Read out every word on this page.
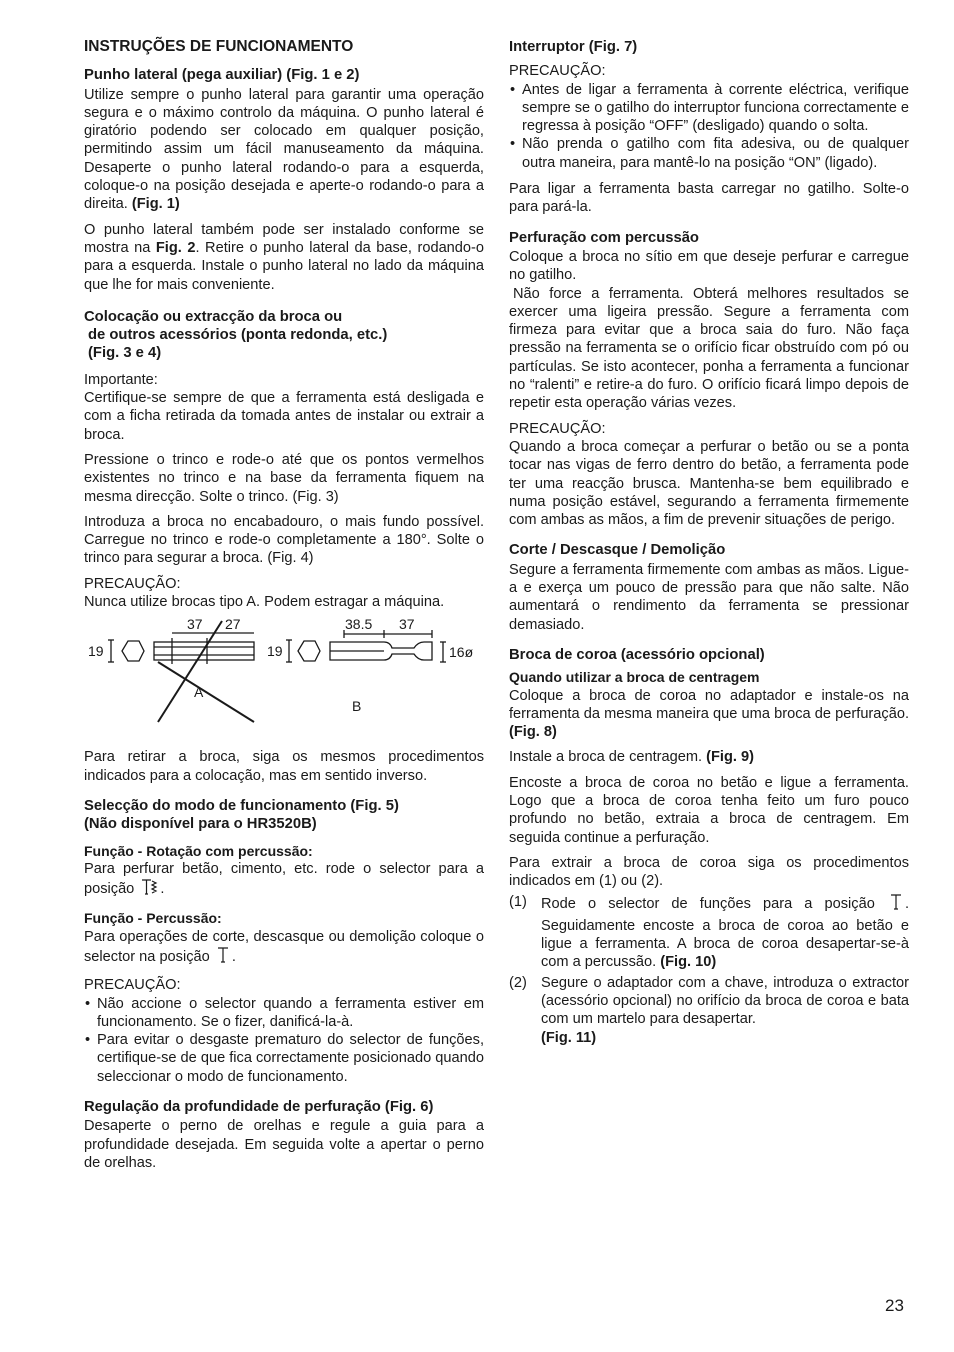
INSTRUÇÕES DE FUNCIONAMENTO
Punho lateral (pega auxiliar) (Fig. 1 e 2)

Utilize sempre o punho lateral para garantir uma operação segura e o máximo controlo da máquina. O punho lateral é giratório podendo ser colocado em qualquer posição, permitindo assim um fácil manuseamento da máquina. Desaperte o punho lateral rodando-o para a esquerda, coloque-o na posição desejada e aperte-o rodando-o para a direita. (Fig. 1)

O punho lateral também pode ser instalado conforme se mostra na Fig. 2. Retire o punho lateral da base, rodando-o para a esquerda. Instale o punho lateral no lado da máquina que lhe for mais conveniente.

Colocação ou extracção da broca ou
de outros acessórios (ponta redonda, etc.)
(Fig. 3 e 4)

Importante:
Certifique-se sempre de que a ferramenta está desligada e com a ficha retirada da tomada antes de instalar ou extrair a broca.

Pressione o trinco e rode-o até que os pontos vermelhos existentes no trinco e na base da ferramenta fiquem na mesma direcção. Solte o trinco. (Fig. 3)

Introduza a broca no encabadouro, o mais fundo possível. Carregue no trinco e rode-o completamente a 180°. Solte o trinco para segurar a broca. (Fig. 4)

PRECAUÇÃO:
Nunca utilize brocas tipo A. Podem estragar a máquina.

37 27
19
A
38.5 37
19	16ø
B

Para retirar a broca, siga os mesmos procedimentos indicados para a colocação, mas em sentido inverso.

Selecção do modo de funcionamento (Fig. 5)
(Não disponível para o HR3520B)
Função - Rotação com percussão:

Para perfurar betão, cimento, etc. rode o selector para a posição .

Função - Percussão:

Para operações de corte, descasque ou demolição coloque o selector na posição .

PRECAUÇÃO:
• Não accione o selector quando a ferramenta estiver em funcionamento. Se o fizer, danificá-la-à.
• Para evitar o desgaste prematuro do selector de funções, certifique-se de que fica correctamente posicionado quando seleccionar o modo de funcionamento.
Regulação da profundidade de perfuração (Fig. 6)

Desaperte o perno de orelhas e regule a guia para a profundidade desejada. Em seguida volte a apertar o perno de orelhas.

Interruptor (Fig. 7)
PRECAUÇÃO:
• Antes de ligar a ferramenta à corrente eléctrica, verifique sempre se o gatilho do interruptor funciona correctamente e regressa à posição “OFF” (desligado) quando o solta.
• Não prenda o gatilho com fita adesiva, ou de qualquer outra maneira, para mantê-lo na posição “ON” (ligado).

Para ligar a ferramenta basta carregar no gatilho. Solte-o para pará-la.

Perfuração com percussão

Coloque a broca no sítio em que deseje perfurar e carregue no gatilho.

Não force a ferramenta. Obterá melhores resultados se exercer uma ligeira pressão. Segure a ferramenta com firmeza para evitar que a broca saia do furo. Não faça pressão na ferramenta se o orifício ficar obstruído com pó ou partículas. Se isto acontecer, ponha a ferramenta a funcionar no “ralenti” e retire-a do furo. O orifício ficará limpo depois de repetir esta operação várias vezes.

PRECAUÇÃO:
Quando a broca começar a perfurar o betão ou se a ponta tocar nas vigas de ferro dentro do betão, a ferramenta pode ter uma reacção brusca. Mantenha-se bem equilibrado e numa posição estável, segurando a ferramenta firmemente com ambas as mãos, a fim de prevenir situações de perigo.

Corte / Descasque / Demolição

Segure a ferramenta firmemente com ambas as mãos. Ligue-a e exerça um pouco de pressão para que não salte. Não aumentará o rendimento da ferramenta se pressionar demasiado.

Broca de coroa (acessório opcional)
Quando utilizar a broca de centragem

Coloque a broca de coroa no adaptador e instale-os na ferramenta da mesma maneira que uma broca de perfuração. (Fig. 8)

Instale a broca de centragem. (Fig. 9)

Encoste a broca de coroa no betão e ligue a ferramenta. Logo que a broca de coroa tenha feito um furo pouco profundo no betão, extraia a broca de centragem. Em seguida continue a perfuração.

Para extrair a broca de coroa siga os procedimentos indicados em (1) ou (2).

(1) Rode o selector de funções para a posição . Seguidamente encoste a broca de coroa ao betão e ligue a ferramenta. A broca de coroa desapertar-se-à com a percussão. (Fig. 10)
(2) Segure o adaptador com a chave, introduza o extractor (acessório opcional) no orifício da broca de coroa e bata com um martelo para desapertar.
(Fig. 11)
23
